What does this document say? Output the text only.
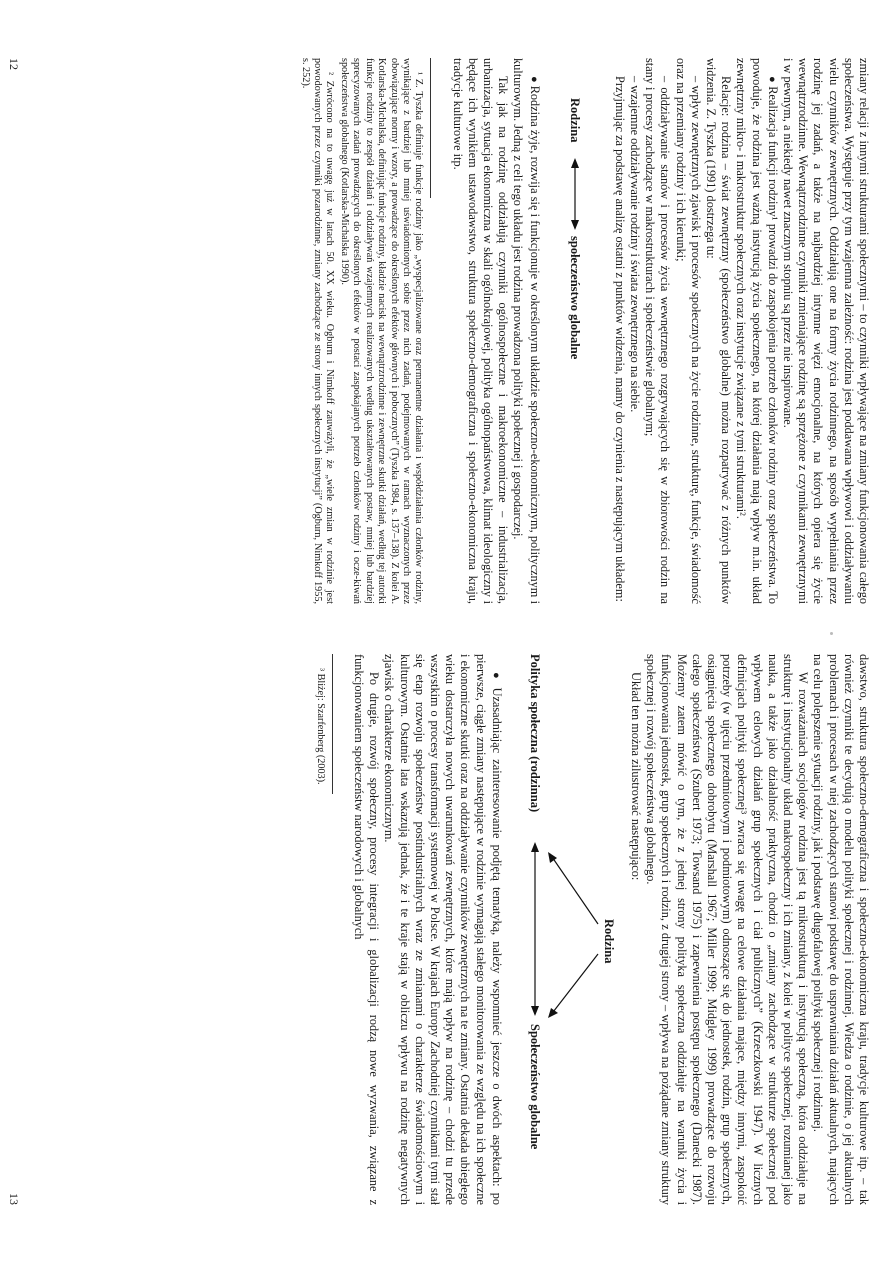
zmiany relacji z innymi strukturami społecznymi – to czynniki wpływające na zmiany funkcjonowania całego społeczeństwa. Występuje przy tym wzajemna zależność: rodzina jest poddawana wpływowi i oddziaływaniu wielu czynników zewnętrznych. Oddziałują one na formy życia rodzinnego, na sposób wypełniania przez rodzinę jej zadań, a także na najbardziej intymne więzi emocjonalne, na których opiera się życie wewnątrzrodzinne. Wewnątrzrodzinne czynniki zmieniające rodzinę są sprzężone z czynnikami zewnętrznymi i w pewnym, a niekiedy nawet znacznym stopniu są przez nie inspirowane.

● Realizacja funkcji rodziny¹ prowadzi do zaspokojenia potrzeb członków rodziny oraz społeczeństwa. To powoduje, że rodzina jest ważną instytucją życia społecznego, na której działania mają wpływ m.in. układ zewnętrzny mikro- i makrostruktur społecznych oraz instytucje związane z tymi strukturami².

Relacje: rodzina – świat zewnętrzny (społeczeństwo globalne) można rozpatrywać z różnych punktów widzenia. Z. Tyszka (1991) dostrzega tu:

– wpływ zewnętrznych zjawisk i procesów społecznych na życie rodzinne, strukturę, funkcje, świadomość oraz na przemiany rodziny i ich kierunki;

– oddziaływanie stanów i procesów życia wewnętrznego rozgrywających się w zbiorowości rodzin na stany i procesy zachodzące w makrostrukturach i społeczeństwie globalnym;

– wzajemne oddziaływanie rodziny i świata zewnętrznego na siebie.

Przyjmując za podstawę analizę ostatni z punktów widzenia, mamy do czynienia z następującym układem:

Rodzina
społeczeństwo globalne

● Rodzina żyje, rozwija się i funkcjonuje w określonym układzie społeczno-ekonomicznym, politycznym i kulturowym. Jedną z celi tego układu jest rodzina prowadzona polityki społecznej i gospodarczej.

Tak jak na rodzinę oddziałują czynniki ogólnospołeczne i makroekonomiczne – industrializacja, urbanizacja, sytuacja ekonomiczna w skali ogólnokrajowej, polityka ogólnopaństwowa, klimat ideologiczny i będące ich wynikiem ustawodawstwo, struktura społeczno-demograficzna i społeczno-ekonomiczna kraju, tradycje kulturowe itp.

¹ Z. Tyszka definiuje funkcje rodziny jako „wyspecjalizowane oraz permanentne działania i współdziałania członków rodziny, wynikające z bardziej lub mniej uświadomionych sobie przez nich zadań, podejmowanych w ramach wyznaczonych przez obowiązujące normy i wzory, a prowadzące do określonych efektów głównych i pobocznych” (Tyszka 1984, s. 137–138). Z kolei A. Kotlarska-Michalska, definiując funkcje rodziny, kładzie nacisk na wewnątrzrodzinne i zewnętrzne skutki działań, według tej autorki funkcje rodziny to zespół działań i oddziaływań wzajemnych realizowanych według ukształtowanych postaw, mniej lub bardziej sprecyzowanych zadań prowadzących do określonych efektów w postaci zaspokajanych potrzeb członków rodziny i ocze-kiwań społeczeństwa globalnego (Kotlarska-Michalska 1990).

² Zwrócono na to uwagę już w latach 50. XX wieku. Ogburn i Nimkoff zauważyli, że „wiele zmian w rodzinie jest powodowanych przez czynniki pozarodzinne, zmiany zachodzące ze strony innych społecznych instytucji” (Ogburn, Nimkoff 1955, s. 252).

12

dawstwo, struktura społeczno-demograficzna i społeczno-ekonomiczna kraju, tradycje kulturowe itp. – tak również czynniki te decydują o modelu polityki społecznej i rodzinnej. Wiedza o rodzinie, o jej aktualnych problemach i procesach w niej zachodzących stanowi podstawę do usprawniania działań aktualnych, mających na celu polepszenie sytuacji rodziny, jak i podstawę długofalowej polityki społecznej i rodzinnej.

W rozważaniach socjologów rodzina jest tą mikrostrukturą i instytucją społeczną, która oddziałuje na strukturę i instytucjonalny układ makrospołeczny i ich zmiany, z kolei w polityce społecznej, rozumianej jako nauka, a także jako działalność praktyczna, chodzi o „zmiany zachodzące w strukturze społecznej pod wpływem celowych działań grup społecznych i ciał publicznych” (Krzeczkowski 1947). W licznych definicjach polityki społecznej³ zwraca się uwagę na celowe działania mające, między innymi, zaspokoić potrzeby (w ujęciu przedmiotowym i podmiotowym) odnoszące się do jednostek, rodzin, grup społecznych, osiągnięcia społecznego dobrobytu (Marshall 1967; Miller 1999; Midgley 1999) prowadzące do rozwoju całego społeczeństwa (Szubert 1973; Towsand 1975) i zapewnienia postępu społecznego (Danecki 1987). Możemy zatem mówić o tym, że z jednej strony polityka społeczna oddziałuje na warunki życia i funkcjonowania jednostek, grup społecznych i rodzin, z drugiej strony – wpływa na pożądane zmiany struktury społecznej i rozwój społeczeństwa globalnego.

Układ ten można zilustrować następująco:

Rodzina
Polityka społeczna (rodzinna)
Społeczeństwo globalne

● Uzasadniając zainteresowanie podjętą tematyką, należy wspomnieć jeszcze o dwóch aspektach: po pierwsze, ciągłe zmiany następujące w rodzinie wymagają stałego monitorowania ze względu na ich społeczne i ekonomiczne skutki oraz na oddziaływanie czynników zewnętrznych na te zmiany. Ostatnia dekada ubiegłego wieku dostarczyła nowych uwarunkowań zewnętrznych, które mają wpływ na rodzinę – chodzi tu przede wszystkim o procesy transformacji systemowej w Polsce. W krajach Europy Zachodniej czynnikami tymi stał się etap rozwoju społeczeństw postindustrialnych wraz ze zmianami o charakterze świadomościowym i kulturowym. Ostatnie lata wskazują jednak, że i te kraje stają w obliczu wpływu na rodzinę negatywnych zjawisk o charakterze ekonomicznym.

Po drugie, rozwój społeczny, procesy integracji i globalizacji rodzą nowe wyzwania, związane z funkcjonowaniem społeczeństw narodowych i globalnych

³ Bliżej: Szarfenberg (2003).

13
